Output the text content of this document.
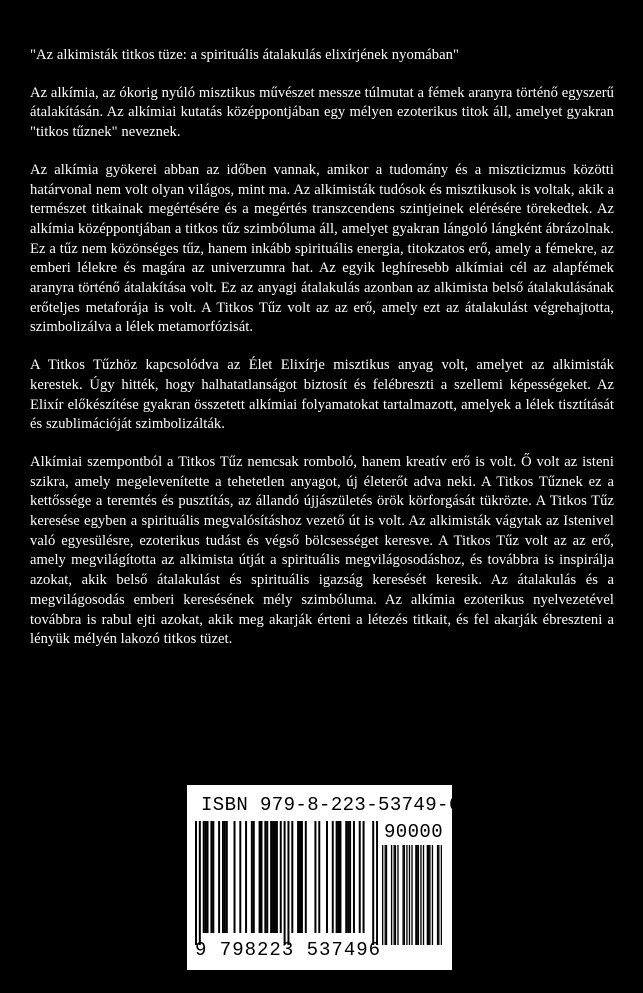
"Az alkimisták titkos tüze: a spirituális átalakulás elixírjének nyomában"

Az alkímia, az ókorig nyúló misztikus művészet messze túlmutat a fémek aranyra történő egyszerű átalakításán. Az alkímiai kutatás középpontjában egy mélyen ezoterikus titok áll, amelyet gyakran "titkos tűznek" neveznek.

Az alkímia gyökerei abban az időben vannak, amikor a tudomány és a miszticizmus közötti határvonal nem volt olyan világos, mint ma. Az alkimisták tudósok és misztikusok is voltak, akik a természet titkainak megértésére és a megértés transzcendens szintjeinek elérésére törekedtek. Az alkímia középpontjában a titkos tűz szimbóluma áll, amelyet gyakran lángoló lángként ábrázolnak. Ez a tűz nem közönséges tűz, hanem inkább spirituális energia, titokzatos erő, amely a fémekre, az emberi lélekre és magára az univerzumra hat. Az egyik leghíresebb alkímiai cél az alapfémek aranyra történő átalakítása volt. Ez az anyagi átalakulás azonban az alkimista belső átalakulásának erőteljes metaforája is volt. A Titkos Tűz volt az az erő, amely ezt az átalakulást végrehajtotta, szimbolizálva a lélek metamorfózisát.

A Titkos Tűzhöz kapcsolódva az Élet Elixírje misztikus anyag volt, amelyet az alkimisták kerestek. Úgy hitték, hogy halhatatlanságot biztosít és felébreszti a szellemi képességeket. Az Elixír előkészítése gyakran összetett alkímiai folyamatokat tartalmazott, amelyek a lélek tisztítását és szublimációját szimbolizálták.

Alkímiai szempontból a Titkos Tűz nemcsak romboló, hanem kreatív erő is volt. Ő volt az isteni szikra, amely megelevenítette a tehetetlen anyagot, új életerőt adva neki. A Titkos Tűznek ez a kettőssége a teremtés és pusztítás, az állandó újjászületés örök körforgását tükrözte. A Titkos Tűz keresése egyben a spirituális megvalósításhoz vezető út is volt. Az alkimisták vágytak az Istenivel való egyesülésre, ezoterikus tudást és végső bölcsességet keresve. A Titkos Tűz volt az az erő, amely megvilágította az alkimista útját a spirituális megvilágosodáshoz, és továbbra is inspirálja azokat, akik belső átalakulást és spirituális igazság keresését keresik. Az átalakulás és a megvilágosodás emberi keresésének mély szimbóluma. Az alkímia ezoterikus nyelvezetével továbbra is rabul ejti azokat, akik meg akarják érteni a létezés titkait, és fel akarják ébreszteni a lényük mélyén lakozó titkos tüzet.

ISBN 979-8-223-53749-6
90000
9 798223 537496
